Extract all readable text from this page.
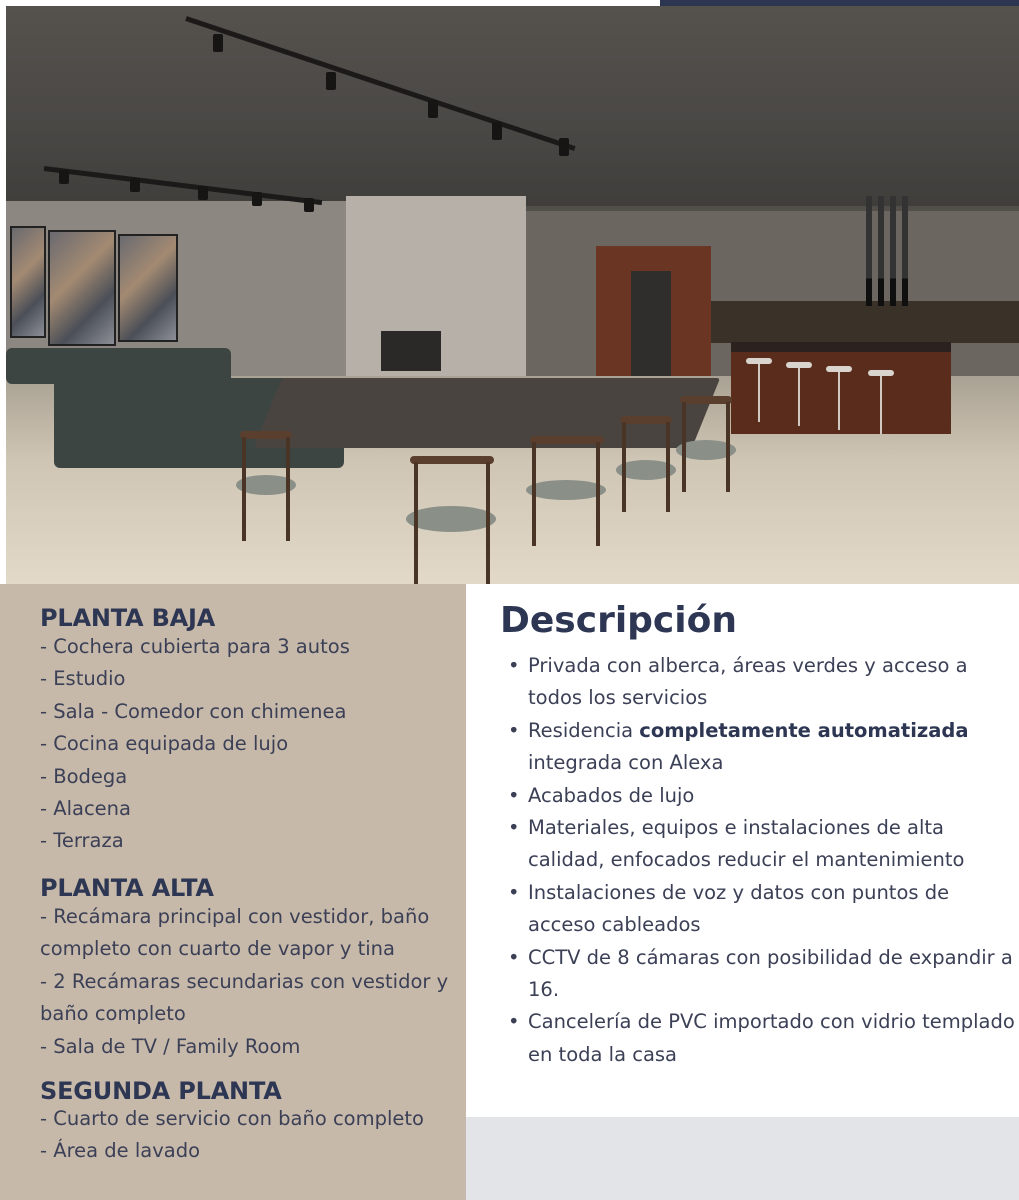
PLANTA BAJA
- Cochera cubierta para 3 autos
- Estudio
- Sala - Comedor con chimenea
- Cocina equipada de lujo
- Bodega
- Alacena
- Terraza
PLANTA ALTA
- Recámara principal con vestidor, baño
completo con cuarto de vapor y tina
- 2 Recámaras secundarias con vestidor y
baño completo
- Sala de TV / Family Room
SEGUNDA PLANTA
- Cuarto de servicio con baño completo
- Área de lavado
Descripción
• Privada con alberca, áreas verdes y acceso a todos los servicios
• Residencia completamente automatizada integrada con Alexa
• Acabados de lujo
• Materiales, equipos e instalaciones de alta calidad, enfocados reducir el mantenimiento
• Instalaciones de voz y datos con puntos de acceso cableados
• CCTV de 8 cámaras con posibilidad de expandir a 16.
• Cancelería de PVC importado con vidrio templado en toda la casa
